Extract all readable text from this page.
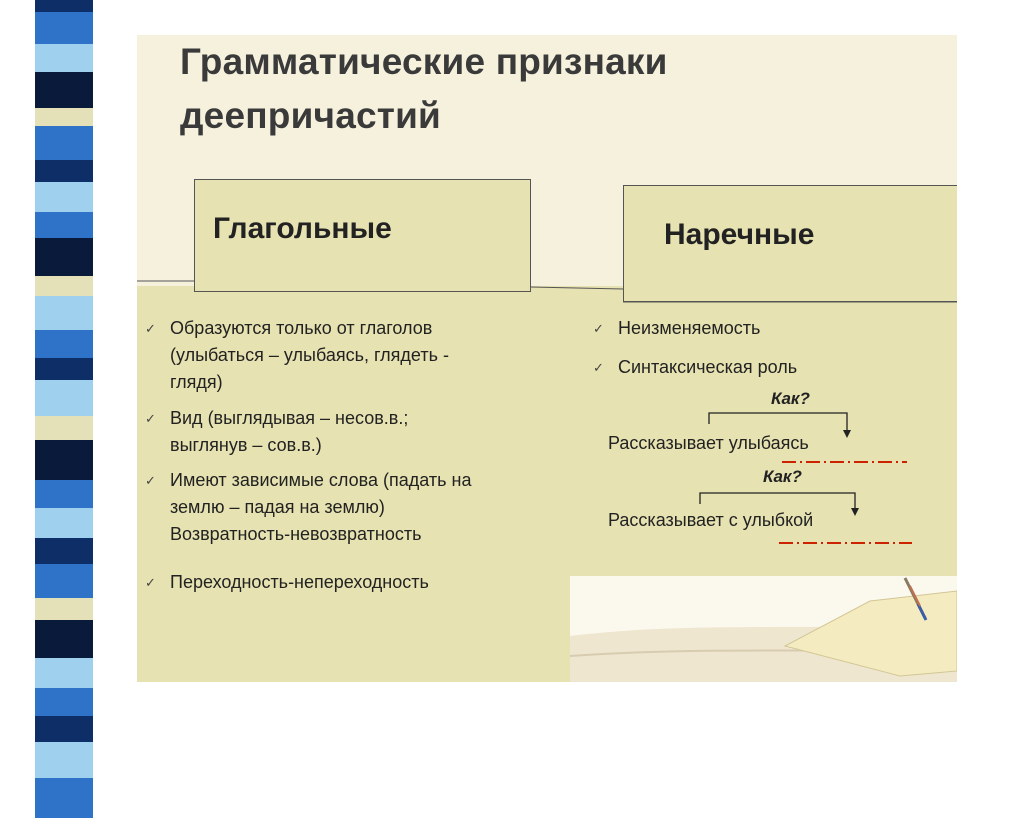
Грамматические признаки
деепричастий
✓ Образуются только от глаголов
(улыбаться – улыбаясь, глядеть -
глядя)
✓ Вид (выглядывая – несов.в.;
выглянув – сов.в.)
✓ Имеют зависимые слова (падать на
землю – падая на землю)
Возвратность-невозвратность
✓ Переходность-непереходность
✓ Неизменяемость
✓ Синтаксическая роль
Как?
Рассказывает улыбаясь
Как?
Рассказывает с улыбкой
Глагольные	Наречные
